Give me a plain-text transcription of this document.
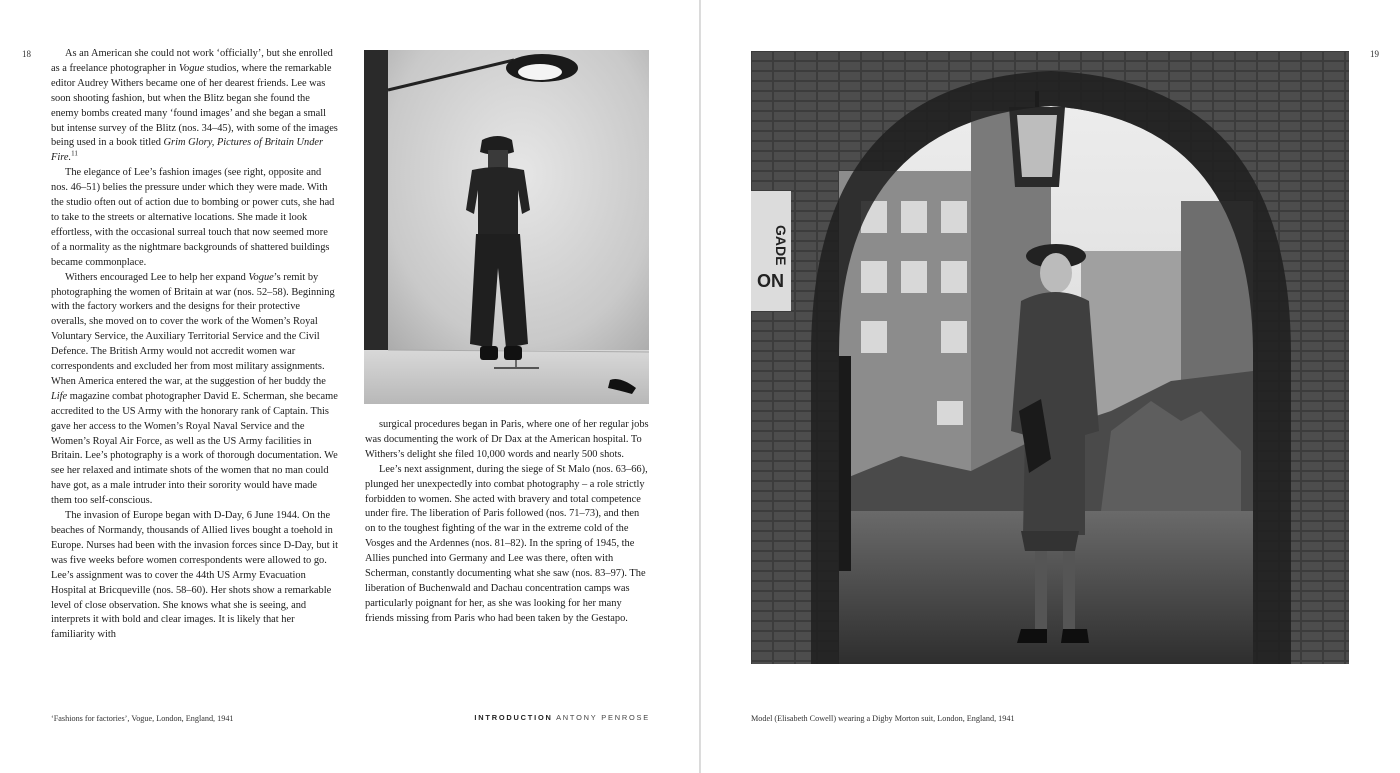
18	As an American she could not work ‘officially’, but she enrolled as a freelance photographer in Vogue studios, where the remarkable editor Audrey Withers became one of her dearest friends. Lee was soon shooting fashion, but when the Blitz began she found the enemy bombs created many ‘found images’ and she began a small but intense survey of the Blitz (nos. 34–45), with some of the images being used in a book titled Grim Glory, Pictures of Britain Under Fire.$^{11}$

The elegance of Lee’s fashion images (see right, opposite and nos. 46–51) belies the pressure under which they were made. With the studio often out of action due to bombing or power cuts, she had to take to the streets or alternative locations. She made it look effortless, with the occasional surreal touch that now seemed more of a normality as the nightmare backgrounds of shattered buildings became commonplace.

Withers encouraged Lee to help her expand Vogue’s remit by photographing the women of Britain at war (nos. 52–58). Beginning with the factory workers and the designs for their protective overalls, she moved on to cover the work of the Women’s Royal Voluntary Service, the Auxiliary Territorial Service and the Civil Defence. The British Army would not accredit women war correspondents and excluded her from most military assignments. When America entered the war, at the suggestion of her buddy the Life magazine combat photographer David E. Scherman, she became accredited to the US Army with the honorary rank of Captain. This gave her access to the Women’s Royal Naval Service and the Women’s Royal Air Force, as well as the US Army facilities in Britain. Lee’s photography is a work of thorough documentation. We see her relaxed and intimate shots of the women that no man could have got, as a male intruder into their sorority would have made them too self-conscious.

The invasion of Europe began with D-Day, 6 June 1944. On the beaches of Normandy, thousands of Allied lives bought a toehold in Europe. Nurses had been with the invasion forces since D-Day, but it was five weeks before women correspondents were allowed to go. Lee’s assignment was to cover the 44th US Army Evacuation Hospital at Bricqueville (nos. 58–60). Her shots show a remarkable level of close observation. She knows what she is seeing, and interprets it with bold and clear images. It is likely that her familiarity with

surgical procedures began in Paris, where one of her regular jobs was documenting the work of Dr Dax at the American hospital. To Withers’s delight she filed 10,000 words and nearly 500 shots.

Lee’s next assignment, during the siege of St Malo (nos. 63–66), plunged her unexpectedly into combat photography – a role strictly forbidden to women. She acted with bravery and total competence under fire. The liberation of Paris followed (nos. 71–73), and then on to the toughest fighting of the war in the extreme cold of the Vosges and the Ardennes (nos. 81–82). In the spring of 1945, the Allies punched into Germany and Lee was there, often with Scherman, constantly documenting what she saw (nos. 83–97). The liberation of Buchenwald and Dachau concentration camps was particularly poignant for her, as she was looking for her many friends missing from Paris who had been taken by the Gestapo.

‘Fashions for factories’, Vogue, London, England, 1941	INTRODUCTION ANTONY PENROSE
19
GADE
ON
Model (Elisabeth Cowell) wearing a Digby Morton suit, London, England, 1941
